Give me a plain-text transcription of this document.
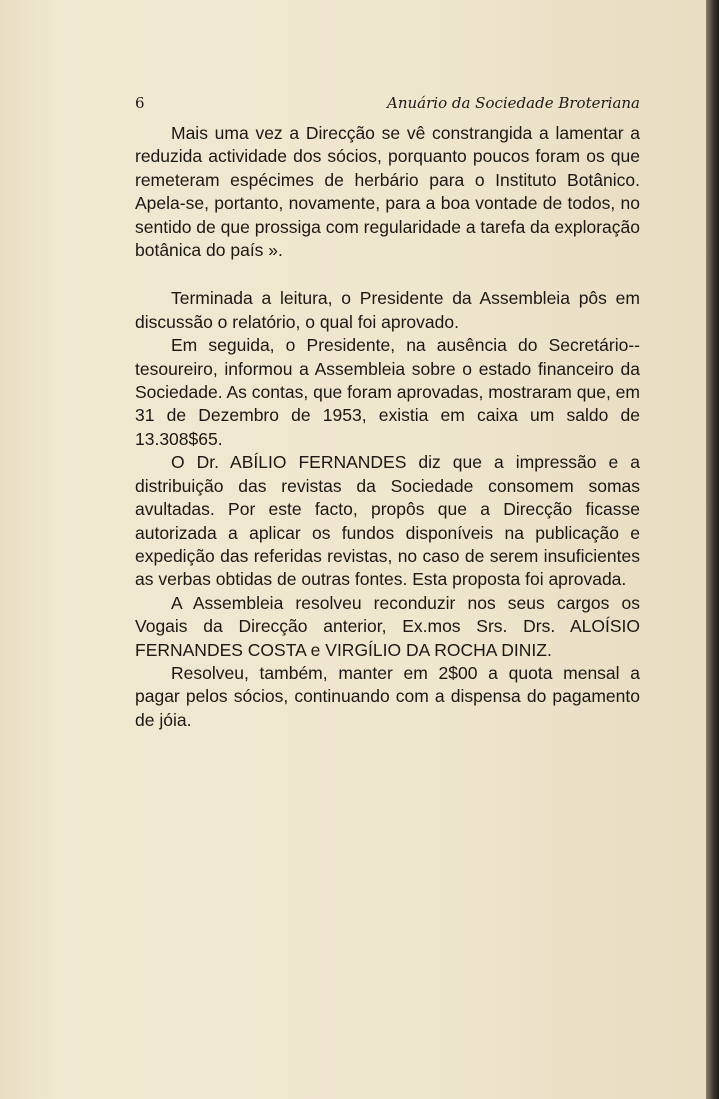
6	Anuário da Sociedade Broteriana

Mais uma vez a Direcção se vê constrangida a lamentar a reduzida actividade dos sócios, porquanto poucos foram os que remeteram espécimes de herbário para o Instituto Botânico. Apela-se, portanto, novamente, para a boa vontade de todos, no sentido de que prossiga com regularidade a tarefa da exploração botânica do país ».

Terminada a leitura, o Presidente da Assembleia pôs em discussão o relatório, o qual foi aprovado.

Em seguida, o Presidente, na ausência do Secretário--tesoureiro, informou a Assembleia sobre o estado financeiro da Sociedade. As contas, que foram aprovadas, mostraram que, em 31 de Dezembro de 1953, existia em caixa um saldo de 13.308$65.

O Dr. ABÍLIO FERNANDES diz que a impressão e a distribuição das revistas da Sociedade consomem somas avultadas. Por este facto, propôs que a Direcção ficasse autorizada a aplicar os fundos disponíveis na publicação e expedição das referidas revistas, no caso de serem insuficientes as verbas obtidas de outras fontes. Esta proposta foi aprovada.

A Assembleia resolveu reconduzir nos seus cargos os Vogais da Direcção anterior, Ex.mos Srs. Drs. ALOÍSIO FERNANDES COSTA e VIRGÍLIO DA ROCHA DINIZ.

Resolveu, também, manter em 2$00 a quota mensal a pagar pelos sócios, continuando com a dispensa do pagamento de jóia.
